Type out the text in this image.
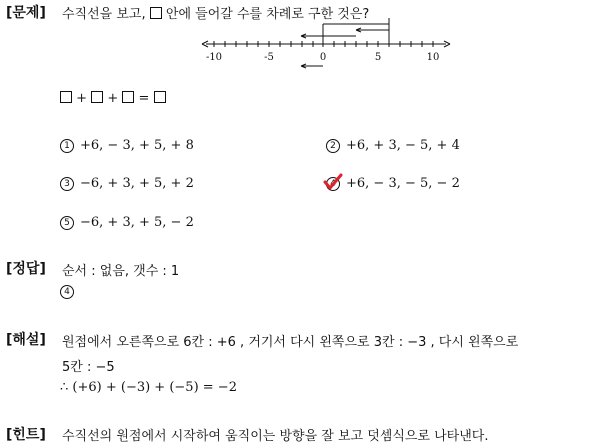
[문제] 수직선을 보고, 안에 들어갈 수를 차례로 구한 것은?
-10	-5	0	5	10
+ + =
1 +6, − 3, + 5, + 8	2 +6, + 3, − 5, + 4
3 −6, + 3, + 5, + 2	4 +6, − 3, − 5, − 2
5 −6, + 3, + 5, − 2
[정답] 순서 : 없음, 갯수 : 1
4
[해설] 원점에서 오른쪽으로 6칸 : +6 , 거기서 다시 왼쪽으로 3칸 : −3 , 다시 왼쪽으로
5칸 : −5
∴ (+6) + (−3) + (−5) = −2
[힌트] 수직선의 원점에서 시작하여 움직이는 방향을 잘 보고 덧셈식으로 나타낸다.
